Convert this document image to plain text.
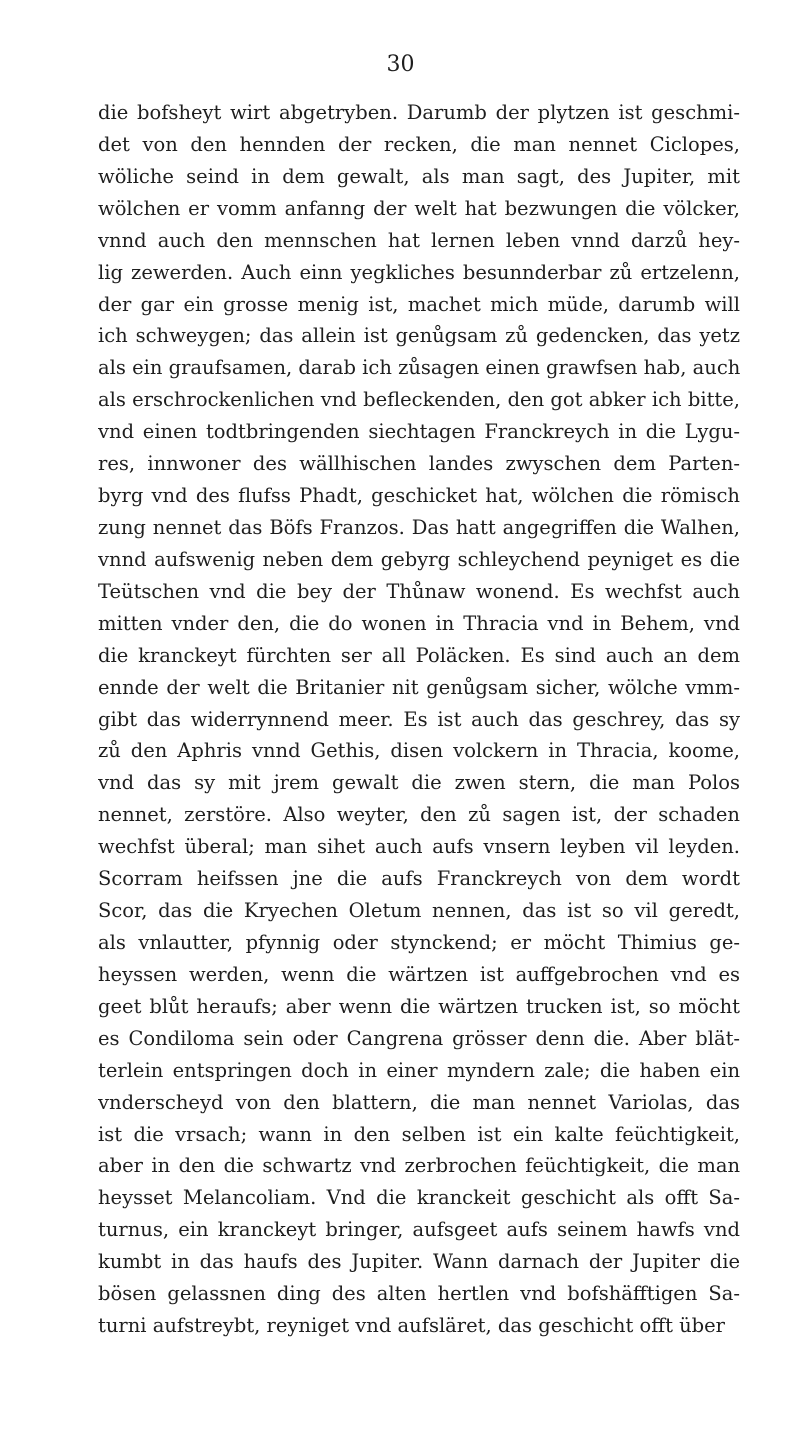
30
die bofsheyt wirt abgetryben. Darumb der plytzen ist geschmi-
det von den hennden der recken, die man nennet Ciclopes,
wöliche seind in dem gewalt, als man sagt, des Jupiter, mit
wölchen er vomm anfanng der welt hat bezwungen die völcker,
vnnd auch den mennschen hat lernen leben vnnd darzů hey-
lig zewerden. Auch einn yegkliches besunnderbar zů ertzelenn,
der gar ein grosse menig ist, machet mich müde, darumb will
ich schweygen; das allein ist genůgsam zů gedencken, das yetz
als ein graufsamen, darab ich zůsagen einen grawfsen hab, auch
als erschrockenlichen vnd befleckenden, den got abker ich bitte,
vnd einen todtbringenden siechtagen Franckreych in die Lygu-
res, innwoner des wällhischen landes zwyschen dem Parten-
byrg vnd des flufss Phadt, geschicket hat, wölchen die römisch
zung nennet das Böfs Franzos. Das hatt angegriffen die Walhen,
vnnd aufswenig neben dem gebyrg schleychend peyniget es die
Teütschen vnd die bey der Thůnaw wonend. Es wechfst auch
mitten vnder den, die do wonen in Thracia vnd in Behem, vnd
die kranckeyt fürchten ser all Poläcken. Es sind auch an dem
ennde der welt die Britanier nit genůgsam sicher, wölche vmm-
gibt das widerrynnend meer. Es ist auch das geschrey, das sy
zů den Aphris vnnd Gethis, disen volckern in Thracia, koome,
vnd das sy mit jrem gewalt die zwen stern, die man Polos
nennet, zerstöre. Also weyter, den zů sagen ist, der schaden
wechfst überal; man sihet auch aufs vnsern leyben vil leyden.
Scorram heifssen jne die aufs Franckreych von dem wordt
Scor, das die Kryechen Oletum nennen, das ist so vil geredt,
als vnlautter, pfynnig oder stynckend; er möcht Thimius ge-
heyssen werden, wenn die wärtzen ist auffgebrochen vnd es
geet blůt heraufs; aber wenn die wärtzen trucken ist, so möcht
es Condiloma sein oder Cangrena grösser denn die. Aber blät-
terlein entspringen doch in einer myndern zale; die haben ein
vnderscheyd von den blattern, die man nennet Variolas, das
ist die vrsach; wann in den selben ist ein kalte feüchtigkeit,
aber in den die schwartz vnd zerbrochen feüchtigkeit, die man
heysset Melancoliam. Vnd die kranckeit geschicht als offt Sa-
turnus, ein kranckeyt bringer, aufsgeet aufs seinem hawfs vnd
kumbt in das haufs des Jupiter. Wann darnach der Jupiter die
bösen gelassnen ding des alten hertlen vnd bofshäfftigen Sa-
turni aufstreybt, reyniget vnd aufsläret, das geschicht offt über
